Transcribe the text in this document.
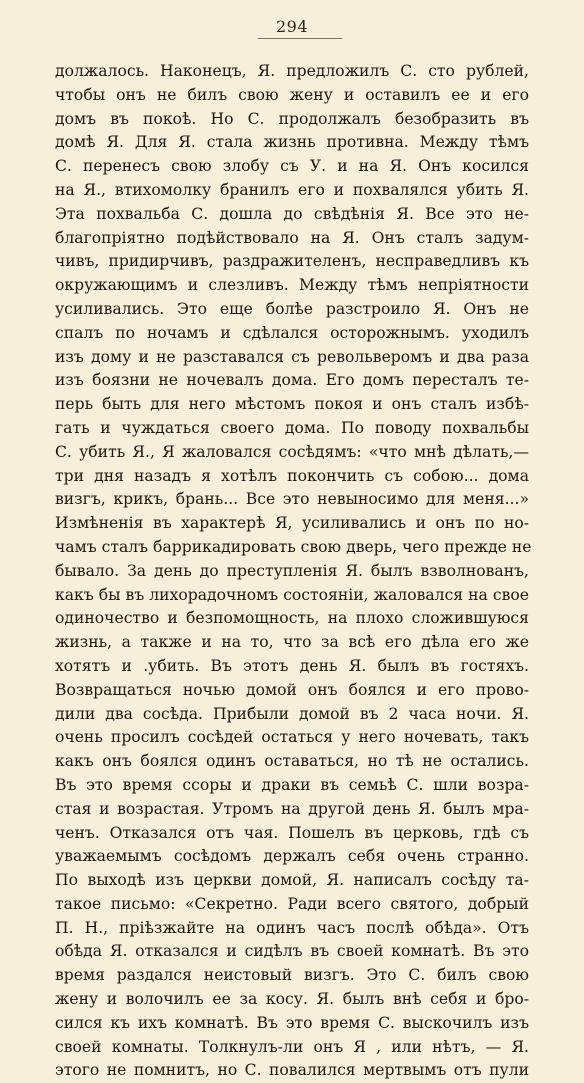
294
должалось. Наконецъ, Я. предложилъ С. сто рублей,
чтобы онъ не билъ свою жену и оставилъ ее и его
домъ въ покоѣ. Но С. продолжалъ безобразить въ
домѣ Я. Для Я. стала жизнь противна. Между тѣмъ
С. перенесъ свою злобу съ У. и на Я. Онъ косился
на Я., втихомолку бранилъ его и похвалялся убить Я.
Эта похвальба С. дошла до свѣдѣнія Я. Все это не-
благопріятно подѣйствовало на Я. Онъ сталъ задум-
чивъ, придирчивъ, раздражителенъ, несправедливъ къ
окружающимъ и слезливъ. Между тѣмъ непріятности
усиливались. Это еще болѣе разстроило Я. Онъ не
спалъ по ночамъ и сдѣлался осторожнымъ. уходилъ
изъ дому и не разставался съ револьверомъ и два раза
изъ боязни не ночевалъ дома. Его домъ пересталъ те-
перь быть для него мѣстомъ покоя и онъ сталъ избѣ-
гать и чуждаться своего дома. По поводу похвальбы
С. убить Я., Я жаловался сосѣдямъ: «что мнѣ дѣлать,—
три дня назадъ я хотѣлъ покончить съ собою... дома
визгъ, крикъ, брань... Все это невыносимо для меня...»
Измѣненія въ характерѣ Я, усиливались и онъ по но-
чамъ сталъ баррикадировать свою дверь, чего прежде не
бывало. За день до преступленія Я. былъ взволнованъ,
какъ бы въ лихорадочномъ состояніи, жаловался на свое
одиночество и безпомощность, на плохо сложившуюся
жизнь, а также и на то, что за всѣ его дѣла его же
хотятъ и .убить. Въ этотъ день Я. былъ въ гостяхъ.
Возвращаться ночью домой онъ боялся и его прово-
дили два сосѣда. Прибыли домой въ 2 часа ночи. Я.
очень просилъ сосѣдей остаться у него ночевать, такъ
какъ онъ боялся одинъ оставаться, но тѣ не остались.
Въ это время ссоры и драки въ семьѣ С. шли возра-
стая и возрастая. Утромъ на другой день Я. былъ мра-
ченъ. Отказался отъ чая. Пошелъ въ церковь, гдѣ съ
уважаемымъ сосѣдомъ держалъ себя очень странно.
По выходѣ изъ церкви домой, Я. написалъ сосѣду та-
такое письмо: «Секретно. Ради всего святого, добрый
П. Н., пріѣзжайте на одинъ часъ послѣ обѣда». Отъ
обѣда Я. отказался и сидѣлъ въ своей комнатѣ. Въ это
время раздался неистовый визгъ. Это С. билъ свою
жену и волочилъ ее за косу. Я. былъ внѣ себя и бро-
сился къ ихъ комнатѣ. Въ это время С. выскочилъ изъ
своей комнаты. Толкнулъ-ли онъ Я , или нѣтъ, — Я.
этого не помнитъ, но С. повалился мертвымъ отъ пули
